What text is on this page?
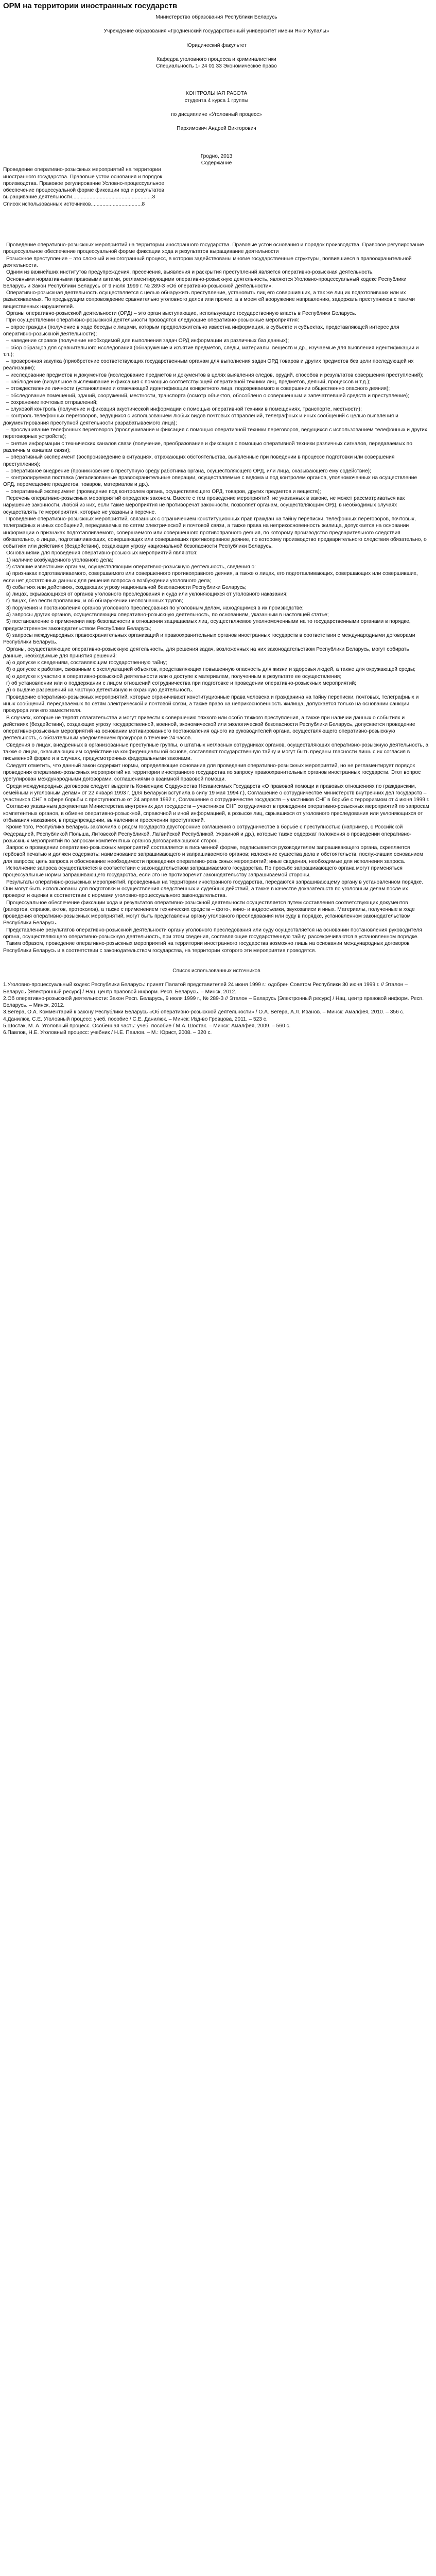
ОРМ на территории иностранных государств

Министерство образования Республики Беларусь

Учреждение образования «Гродненский государственный университет имени Янки Купалы»

Юридический факультет

Кафедра уголовного процесса и криминалистики

Специальность 1- 24 01 33 Экономическое право

КОНТРОЛЬНАЯ РАБОТА

студента 4 курса 1 группы

по дисциплине «Уголовный процесс»

Пархимович Андрей Викторович

Гродно, 2013

Содержание

Проведение оперативно-розыскных мероприятий на территории

иностранного государства. Правовые устои основания и порядок

производства. Правовое регулирование Условно-процессуальное

обеспечение процессуальной форме фиксации ход и результатов

выращивание деятельности.......................................................3

Список использованных источников...................................8

Проведение оперативно-розыскных мероприятий на территории иностранного государства. Правовые устои основания и порядок производства. Правовое регулирование процессуальное обеспечение процессуальной форме фиксации хода и результатов выращивание деятельности

Розыскное преступление – это сложный и многогранный процесс, в котором задействованы многие государственные структуры, появившиеся в правоохранительной деятельности.

Одним из важнейших институтов предупреждения, пресечения, выявления и раскрытия преступлений является оперативно-розыскная деятельность.

Основными нормативными правовыми актами, регламентирующими оперативно-розыскную деятельность, являются Уголовно-процессуальный кодекс Республики Беларусь и Закон Республики Беларусь от 9 июля 1999 г. № 289-З «Об оперативно-розыскной деятельности».

Оперативно-розыскная деятельность осуществляется с целью обнаружить преступление, установить лиц его совершивших, а так же лиц их подготовивших или их разыскиваемых. По предыдущим сопровождение сравнительно уголовного делов или прочие, а в моем ей вооружение направлению, задержать преступников с такими вещественных нарушителей.

Органы оперативно-розыскной деятельности (ОРД) – это орган выступающие, использующие государственную власть в Республики Беларусь.

При осуществлении оперативно-розыскной деятельности проводятся следующие оперативно-розыскные мероприятия:

– опрос граждан (получение в ходе беседы с лицами, которым предположительно известна информация, в субъекте и субъектах, представляющей интерес для оперативно-розыскной деятельности);

– наведение справок (получение необходимой для выполнения задач ОРД информации из различных баз данных);

– сбор образцов для сравнительного исследования (обнаружение и изъятие предметов, следы, материалы, веществ и др., изучаемые для выявления идентификации и т.п.);

– проверочная закупка (приобретение соответствующих государственным органам для выполнения задач ОРД товаров и других предметов без цели последующей их реализации);

– исследование предметов и документов (исследование предметов и документов в целях выявления следов, орудий, способов и результатов совершения преступлений);

– наблюдение (визуальное выслеживание и фиксация с помощью соответствующей оперативной техники лиц, предметов, деяний, процессов и т.д.);

– отождествление личности (установление и отмечающей идентификации конкретного лица, подозреваемого в совершении общественно опасного деяния);

– обследование помещений, зданий, сооружений, местности, транспорта (осмотр объектов, обособлено о совершённым и запечатлевшей средств и преступление);

– сохранение почтовых отправлений;

– слуховой контроль (получение и фиксация акустической информации с помощью оперативной техники в помещениях, транспорте, местности);

– контроль телефонных переговоров, ведущихся с использованием любых видов почтовых отправлений, телеграфных и иных сообщений с целью выявления и документирования преступной деятельности разрабатываемого лица);

– прослушивание телефонных переговоров (прослушивание и фиксация с помощью оперативной техники переговоров, ведущихся с использованием телефонных и других переговорных устройств);

– снятие информации с технических каналов связи (получение, преобразование и фиксация с помощью оперативной техники различных сигналов, передаваемых по различным каналам связи);

– оперативный эксперимент (воспроизведение в ситуациях, отражающих обстоятельства, выявленные при поведении в процессе подготовки или совершения преступления);

– оперативное внедрение (проникновение в преступную среду работника органа, осуществляющего ОРД, или лица, оказывающего ему содействие);

– контролируемая поставка (легализованные правоохранительные операции, осуществляемые с ведома и под контролем органов, уполномоченных на осуществление ОРД, перемещение предметов, товаров, материалов и др.).

– оперативный эксперимент (проведение под контролем органа, осуществляющего ОРД, товаров, других предметов и веществ);

Перечень оперативно-розыскных мероприятий определен законом. Вместе с тем проведение мероприятий, не указанных в законе, не может рассматриваться как нарушение законности. Любой из них, если такие мероприятия не противоречат законности, позволяет органам, осуществляющим ОРД, в необходимых случаях осуществлять те мероприятия, которые не указаны в перечне.

Проведение оперативно-розыскных мероприятий, связанных с ограничением конституционных прав граждан на тайну переписки, телефонных переговоров, почтовых, телеграфных и иных сообщений, передаваемых по сетям электрической и почтовой связи, а также права на неприкосновенность жилища, допускается на основании информации о признаках подготавливаемого, совершаемого или совершенного противоправного деяния, по которому производство предварительного следствия обязательно, о лицах, подготавливающих, совершающих или совершивших противоправное деяние, по которому производство предварительного следствия обязательно, о событиях или действиях (бездействии), создающих угрозу национальной безопасности Республики Беларусь.

Основаниями для проведения оперативно-розыскных мероприятий являются:

1) наличие возбужденного уголовного дела;

2) ставшие известными органам, осуществляющим оперативно-розыскную деятельность, сведения о:

а) признаках подготавливаемого, совершаемого или совершенного противоправного деяния, а также о лицах, его подготавливающих, совершающих или совершивших, если нет достаточных данных для решения вопроса о возбуждении уголовного дела;

б) событиях или действиях, создающих угрозу национальной безопасности Республики Беларусь;

в) лицах, скрывающихся от органов уголовного преследования и суда или уклоняющихся от уголовного наказания;

г) лицах, без вести пропавших, и об обнаружении неопознанных трупов;

3) поручения и постановления органов уголовного преследования по уголовным делам, находящимся в их производстве;

4) запросы других органов, осуществляющих оперативно-розыскную деятельность, по основаниям, указанным в настоящей статье;

5) постановление о применении мер безопасности в отношении защищаемых лиц, осуществляемое уполномоченными на то государственными органами в порядке, предусмотренном законодательством Республики Беларусь;

6) запросы международных правоохранительных организаций и правоохранительных органов иностранных государств в соответствии с международными договорами Республики Беларусь.

Органы, осуществляющие оперативно-розыскную деятельность, для решения задач, возложенных на них законодательством Республики Беларусь, могут собирать данные, необходимые для принятия решений:

а) о допуске к сведениям, составляющим государственную тайну;

б) о допуске к работам, связанным с эксплуатацией объектов, представляющих повышенную опасность для жизни и здоровья людей, а также для окружающей среды;

в) о допуске к участию в оперативно-розыскной деятельности или о доступе к материалам, полученным в результате ее осуществления;

г) об установлении или о поддержании с лицом отношений сотрудничества при подготовке и проведении оперативно-розыскных мероприятий;

д) о выдаче разрешений на частную детективную и охранную деятельность.

Проведение оперативно-розыскных мероприятий, которые ограничивают конституционные права человека и гражданина на тайну переписки, почтовых, телеграфных и иных сообщений, передаваемых по сетям электрической и почтовой связи, а также право на неприкосновенность жилища, допускается только на основании санкции прокурора или его заместителя.

В случаях, которые не терпят отлагательства и могут привести к совершению тяжкого или особо тяжкого преступления, а также при наличии данных о событиях и действиях (бездействии), создающих угрозу государственной, военной, экономической или экологической безопасности Республики Беларусь, допускается проведение оперативно-розыскных мероприятий на основании мотивированного постановления одного из руководителей органа, осуществляющего оперативно-розыскную деятельность, с обязательным уведомлением прокурора в течение 24 часов.

Сведения о лицах, внедренных в организованные преступные группы, о штатных негласных сотрудниках органов, осуществляющих оперативно-розыскную деятельность, а также о лицах, оказывающих им содействие на конфиденциальной основе, составляют государственную тайну и могут быть преданы гласности лишь с их согласия в письменной форме и в случаях, предусмотренных федеральными законами.

Следует отметить, что данный закон содержит нормы, определяющие основания для проведения оперативно-розыскных мероприятий, но не регламентирует порядок проведения оперативно-розыскных мероприятий на территории иностранного государства по запросу правоохранительных органов иностранных государств. Этот вопрос урегулирован международными договорами, соглашениями о взаимной правовой помощи.

Среди международных договоров следует выделить Конвенцию Содружества Независимых Государств «О правовой помощи и правовых отношениях по гражданским, семейным и уголовным делам» от 22 января 1993 г. (для Беларуси вступила в силу 19 мая 1994 г.), Соглашение о сотрудничестве министерств внутренних дел государств – участников СНГ в сфере борьбы с преступностью от 24 апреля 1992 г., Соглашение о сотрудничестве государств – участников СНГ в борьбе с терроризмом от 4 июня 1999 г.

Согласно указанным документам Министерства внутренних дел государств – участников СНГ сотрудничают в проведении оперативно-розыскных мероприятий по запросам компетентных органов, в обмене оперативно-розыскной, справочной и иной информацией, в розыске лиц, скрывшихся от уголовного преследования или уклоняющихся от отбывания наказания, в предупреждении, выявлении и пресечении преступлений.

Кроме того, Республика Беларусь заключила с рядом государств двусторонние соглашения о сотрудничестве в борьбе с преступностью (например, с Российской Федерацией, Республикой Польша, Литовской Республикой, Латвийской Республикой, Украиной и др.), которые также содержат положения о проведении оперативно-розыскных мероприятий по запросам компетентных органов договаривающихся сторон.

Запрос о проведении оперативно-розыскных мероприятий составляется в письменной форме, подписывается руководителем запрашивающего органа, скрепляется гербовой печатью и должен содержать: наименование запрашивающего и запрашиваемого органов; изложение существа дела и обстоятельств, послуживших основанием для запроса; цель запроса и обоснование необходимости проведения оперативно-розыскных мероприятий; иные сведения, необходимые для исполнения запроса.

Исполнение запроса осуществляется в соответствии с законодательством запрашиваемого государства. По просьбе запрашивающего органа могут применяться процессуальные нормы запрашивающего государства, если это не противоречит законодательству запрашиваемой стороны.

Результаты оперативно-розыскных мероприятий, проведенных на территории иностранного государства, передаются запрашивающему органу в установленном порядке. Они могут быть использованы для подготовки и осуществления следственных и судебных действий, а также в качестве доказательств по уголовным делам после их проверки и оценки в соответствии с нормами уголовно-процессуального законодательства.

Процессуальное обеспечение фиксации хода и результатов оперативно-розыскной деятельности осуществляется путем составления соответствующих документов (рапортов, справок, актов, протоколов), а также с применением технических средств – фото-, кино- и видеосъемки, звукозаписи и иных. Материалы, полученные в ходе проведения оперативно-розыскных мероприятий, могут быть представлены органу уголовного преследования или суду в порядке, установленном законодательством Республики Беларусь.

Представление результатов оперативно-розыскной деятельности органу уголовного преследования или суду осуществляется на основании постановления руководителя органа, осуществляющего оперативно-розыскную деятельность, при этом сведения, составляющие государственную тайну, рассекречиваются в установленном порядке.

Таким образом, проведение оперативно-розыскных мероприятий на территории иностранного государства возможно лишь на основании международных договоров Республики Беларусь и в соответствии с законодательством государства, на территории которого эти мероприятия проводятся.

Список использованных источников

1.Уголовно-процессуальный кодекс Республики Беларусь: принят Палатой представителей 24 июня 1999 г.: одобрен Советом Республики 30 июня 1999 г. // Эталон – Беларусь [Электронный ресурс] / Нац. центр правовой информ. Респ. Беларусь. – Минск, 2012.
2.Об оперативно-розыскной деятельности: Закон Респ. Беларусь, 9 июля 1999 г., № 289-З // Эталон – Беларусь [Электронный ресурс] / Нац. центр правовой информ. Респ. Беларусь. – Минск, 2012.
3.Вегера, О.А. Комментарий к закону Республики Беларусь «Об оперативно-розыскной деятельности» / О.А. Вегера, А.Л. Иванов. – Минск: Амалфея, 2010. – 356 с.
4.Данилюк, С.Е. Уголовный процесс: учеб. пособие / С.Е. Данилюк. – Минск: Изд-во Гревцова, 2011. – 523 с.
5.Шостак, М. А. Уголовный процесс. Особенная часть: учеб. пособие / М.А. Шостак. – Минск: Амалфея, 2009. – 560 с.
6.Павлов, Н.Е. Уголовный процесс: учебник / Н.Е. Павлов. – М.: Юрист, 2008. – 320 с.
